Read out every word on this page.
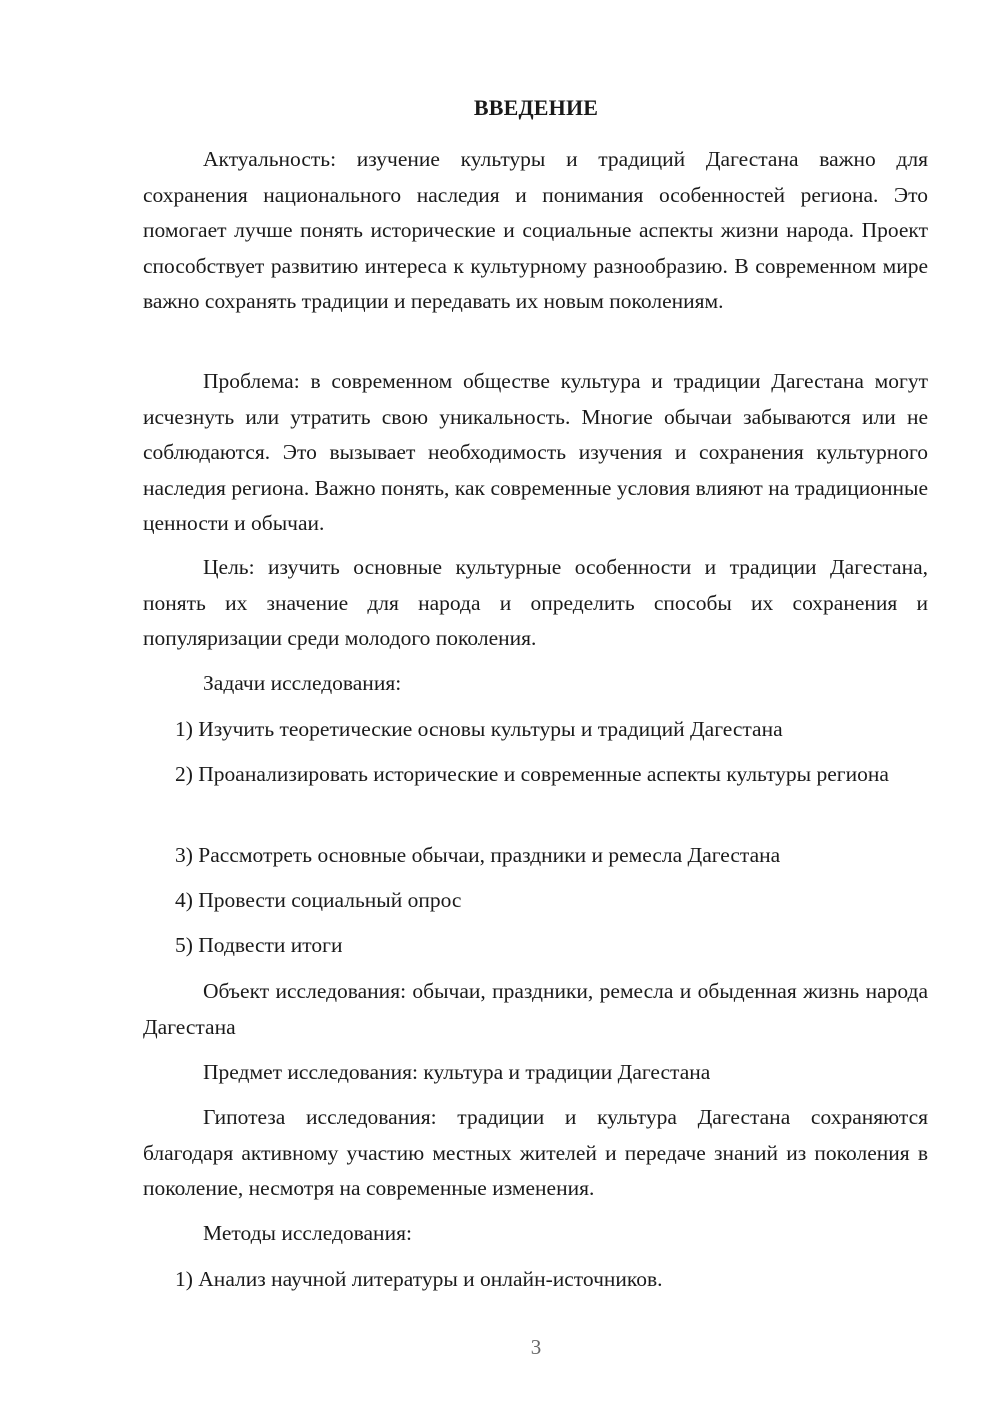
ВВЕДЕНИЕ

Актуальность: изучение культуры и традиций Дагестана важно для сохранения национального наследия и понимания особенностей региона. Это помогает лучше понять исторические и социальные аспекты жизни народа. Проект способствует развитию интереса к культурному разнообразию. В современном мире важно сохранять традиции и передавать их новым поколениям.

Проблема: в современном обществе культура и традиции Дагестана могут исчезнуть или утратить свою уникальность. Многие обычаи забываются или не соблюдаются. Это вызывает необходимость изучения и сохранения культурного наследия региона. Важно понять, как современные условия влияют на традиционные ценности и обычаи.

Цель: изучить основные культурные особенности и традиции Дагестана, понять их значение для народа и определить способы их сохранения и популяризации среди молодого поколения.

Задачи исследования:

1) Изучить теоретические основы культуры и традиций Дагестана

2) Проанализировать исторические и современные аспекты культуры региона

3) Рассмотреть основные обычаи, праздники и ремесла Дагестана

4) Провести социальный опрос

5) Подвести итоги

Объект исследования: обычаи, праздники, ремесла и обыденная жизнь народа Дагестана

Предмет исследования: культура и традиции Дагестана

Гипотеза исследования: традиции и культура Дагестана сохраняются благодаря активному участию местных жителей и передаче знаний из поколения в поколение, несмотря на современные изменения.

Методы исследования:

1) Анализ научной литературы и онлайн-источников.

3
